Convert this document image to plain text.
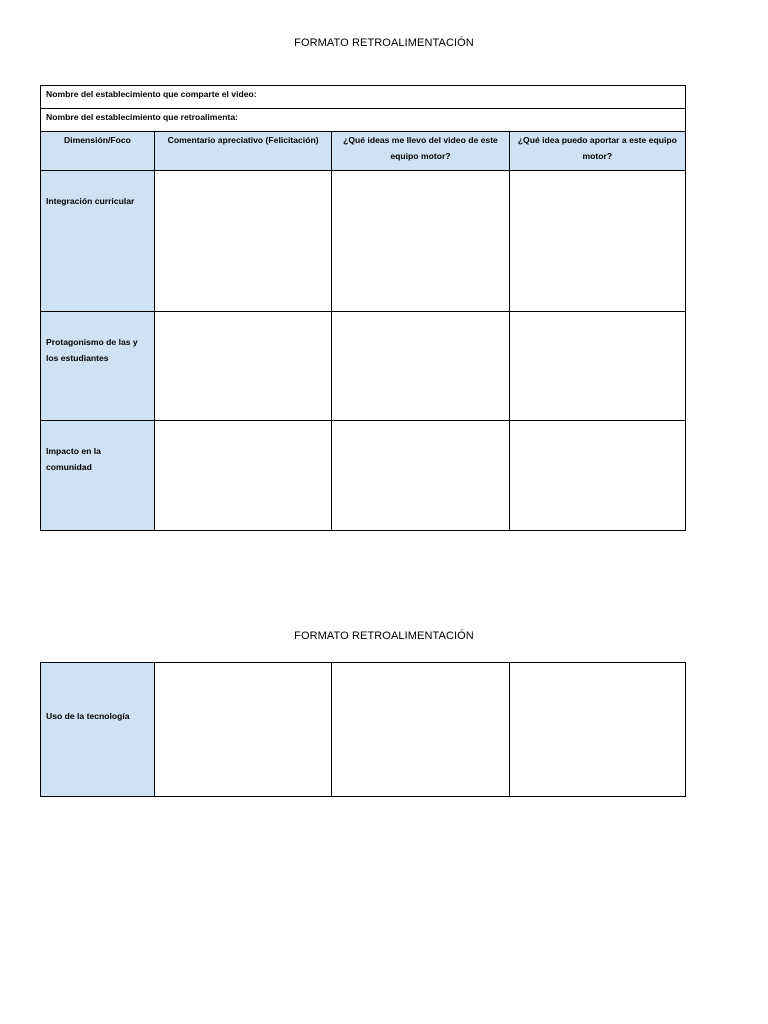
FORMATO RETROALIMENTACIÓN
Nombre del establecimiento que comparte el video:			

Nombre del establecimiento que retroalimenta:			

Dimensión/Foco	Comentario apreciativo (Felicitación)	¿Qué ideas me llevo del video de este equipo motor?	¿Qué idea puedo aportar a este equipo motor?
Integración curricular			
Protagonismo de las y los estudiantes			
Impacto en la comunidad			
FORMATO RETROALIMENTACIÓN
Uso de la tecnología			
